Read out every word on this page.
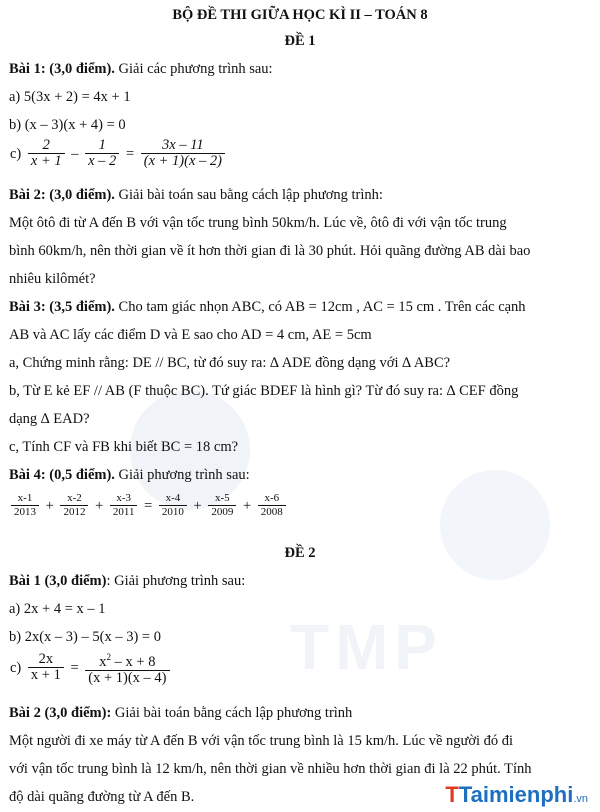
TMP
BỘ ĐỀ THI GIỮA HỌC KÌ II – TOÁN 8
ĐỀ 1
Bài 1: (3,0 điểm). Giải các phương trình sau:
a) 5(3x + 2) = 4x + 1
b) (x – 3)(x + 4) = 0
$c) \frac{2}{x + 1} - \frac{1}{x - 2} = \frac{3x - 11}{(x + 1)(x - 2)}$
Bài 2: (3,0 điểm). Giải bài toán sau bằng cách lập phương trình:
Một ôtô đi từ A đến B với vận tốc trung bình 50km/h. Lúc về, ôtô đi với vận tốc trung
bình 60km/h, nên thời gian về ít hơn thời gian đi là 30 phút. Hỏi quãng đường AB dài bao
nhiêu kilômét?
Bài 3: (3,5 điểm). Cho tam giác nhọn ABC, có AB = 12cm , AC = 15 cm . Trên các cạnh
AB và AC lấy các điểm D và E sao cho AD = 4 cm, AE = 5cm
a, Chứng minh rằng: DE // BC, từ đó suy ra: ∆ ADE đồng dạng với ∆ ABC?
b, Từ E kẻ EF // AB (F thuộc BC). Tứ giác BDEF là hình gì? Từ đó suy ra: ∆ CEF đồng
dạng ∆ EAD?
c, Tính CF và FB khi biết BC = 18 cm?
Bài 4: (0,5 điểm). Giải phương trình sau:
$\frac{x-1}{2013} + \frac{x-2}{2012} + \frac{x-3}{2011} = \frac{x-4}{2010} + \frac{x-5}{2009} + \frac{x-6}{2008}$
ĐỀ 2
Bài 1 (3,0 điểm): Giải phương trình sau:
a) 2x + 4 = x – 1
b) 2x(x – 3) – 5(x – 3) = 0
$c) \frac{2x}{x + 1} = \frac{x^2 - x + 8}{(x + 1)(x - 4)}$
Bài 2 (3,0 điểm): Giải bài toán bằng cách lập phương trình
Một người đi xe máy từ A đến B với vận tốc trung bình là 15 km/h. Lúc về người đó đi
với vận tốc trung bình là 12 km/h, nên thời gian về nhiều hơn thời gian đi là 22 phút. Tính
độ dài quãng đường từ A đến B.	TTaimienphi.vn
